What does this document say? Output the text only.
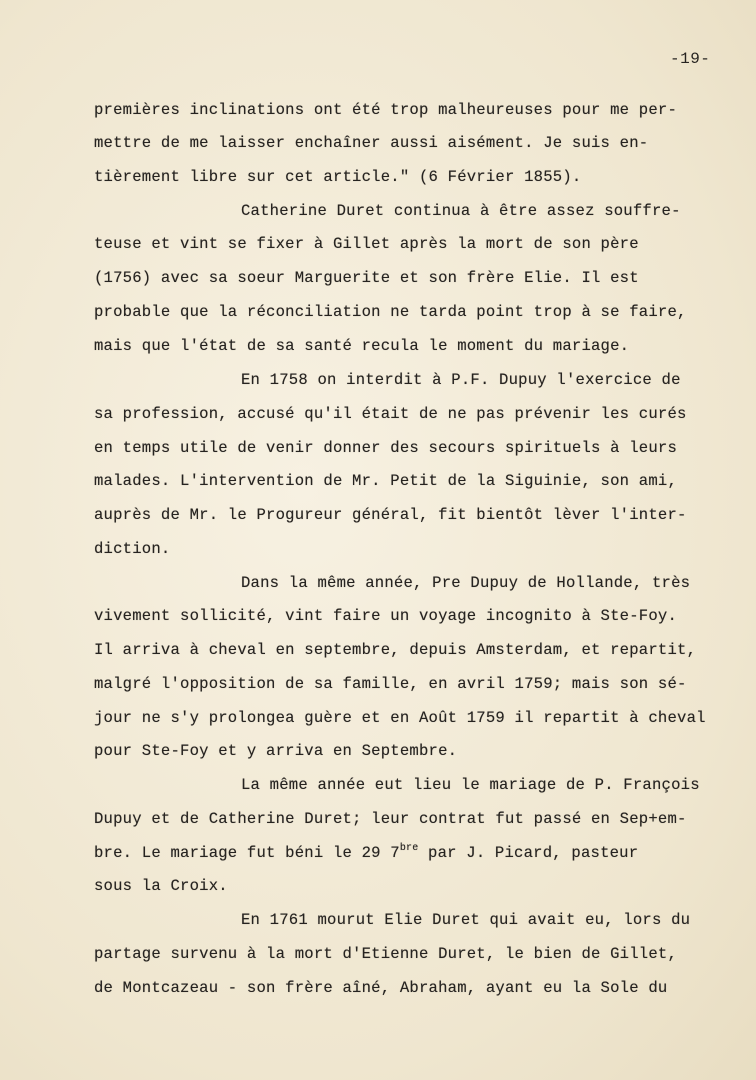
-19-
premières inclinations ont été trop malheureuses pour me per-
mettre de me laisser enchaîner aussi aisément. Je suis en-
tièrement libre sur cet article." (6 Février 1855).
Catherine Duret continua à être assez souffre-
teuse et vint se fixer à Gillet après la mort de son père
(1756) avec sa soeur Marguerite et son frère Elie. Il est
probable que la réconciliation ne tarda point trop à se faire,
mais que l'état de sa santé recula le moment du mariage.
En 1758 on interdit à P.F. Dupuy l'exercice de
sa profession, accusé qu'il était de ne pas prévenir les curés
en temps utile de venir donner des secours spirituels à leurs
malades. L'intervention de Mr. Petit de la Siguinie, son ami,
auprès de Mr. le Progureur général, fit bientôt lèver l'inter-
diction.
Dans la même année, Pre Dupuy de Hollande, très
vivement sollicité, vint faire un voyage incognito à Ste-Foy.
Il arriva à cheval en septembre, depuis Amsterdam, et repartit,
malgré l'opposition de sa famille, en avril 1759; mais son sé-
jour ne s'y prolongea guère et en Août 1759 il repartit à cheval
pour Ste-Foy et y arriva en Septembre.
La même année eut lieu le mariage de P. François
Dupuy et de Catherine Duret; leur contrat fut passé en Sep+em-
bre. Le mariage fut béni le 29 $7^{bre}$ par J. Picard, pasteur
sous la Croix.
En 1761 mourut Elie Duret qui avait eu, lors du
partage survenu à la mort d'Etienne Duret, le bien de Gillet,
de Montcazeau - son frère aîné, Abraham, ayant eu la Sole du
